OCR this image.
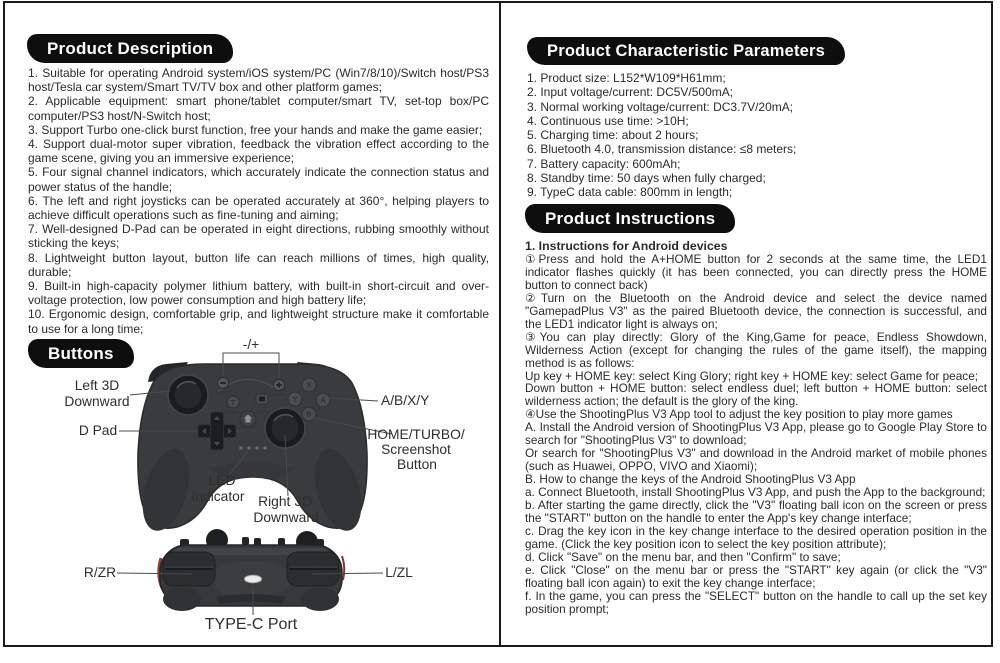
Product Description
1. Suitable for operating Android system/iOS system/PC (Win7/8/10)/Switch host/PS3 host/Tesla car system/Smart TV/TV box and other platform games;
2. Applicable equipment: smart phone/tablet computer/smart TV, set-top box/PC computer/PS3 host/N-Switch host;
3. Support Turbo one-click burst function, free your hands and make the game easier;
4. Support dual-motor super vibration, feedback the vibration effect according to the game scene, giving you an immersive experience;
5. Four signal channel indicators, which accurately indicate the connection status and power status of the handle;
6. The left and right joysticks can be operated accurately at 360°, helping players to achieve difficult operations such as fine-tuning and aiming;
7. Well-designed D-Pad can be operated in eight directions, rubbing smoothly without sticking the keys;
8. Lightweight button layout, button life can reach millions of times, high quality, durable;
9. Built-in high-capacity polymer lithium battery, with built-in short-circuit and over-voltage protection, low power consumption and high battery life;
10. Ergonomic design, comfortable grip, and lightweight structure make it comfortable to use for a long time;
Buttons
X
Y	A
B
SELECT	START
T
TURBO	CLEAR
R
ZR
L
ZL
-/+
Left 3D
Downward
D Pad
A/B/X/Y
HOME/TURBO/
Screenshot
Button
LED
Indicator Right 3D
Downward
R/ZR	L/ZL
TYPE-C Port
Product Characteristic Parameters
1. Product size: L152*W109*H61mm;
2. Input voltage/current: DC5V/500mA;
3. Normal working voltage/current: DC3.7V/20mA;
4. Continuous use time: >10H;
5. Charging time: about 2 hours;
6. Bluetooth 4.0, transmission distance: ≤8 meters;
7. Battery capacity: 600mAh;
8. Standby time: 50 days when fully charged;
9. TypeC data cable: 800mm in length;
Product Instructions
1. Instructions for Android devices

①Press and hold the A+HOME button for 2 seconds at the same time, the LED1 indicator flashes quickly (it has been connected, you can directly press the HOME button to connect back)

②Turn on the Bluetooth on the Android device and select the device named "GamepadPlus V3" as the paired Bluetooth device, the connection is successful, and the LED1 indicator light is always on;

③You can play directly: Glory of the King,Game for peace, Endless Showdown, Wilderness Action (except for changing the rules of the game itself), the mapping method is as follows:

Up key + HOME key: select King Glory; right key + HOME key: select Game for peace;

Down button + HOME button: select endless duel; left button + HOME button: select wilderness action; the default is the glory of the king.

④Use the ShootingPlus V3 App tool to adjust the key position to play more games

A. Install the Android version of ShootingPlus V3 App, please go to Google Play Store to search for "ShootingPlus V3" to download;

Or search for "ShootingPlus V3" and download in the Android market of mobile phones (such as Huawei, OPPO, VIVO and Xiaomi);

B. How to change the keys of the Android ShootingPlus V3 App

a. Connect Bluetooth, install ShootingPlus V3 App, and push the App to the background;

b. After starting the game directly, click the "V3" floating ball icon on the screen or press the "START" button on the handle to enter the App's key change interface;

c. Drag the key icon in the key change interface to the desired operation position in the game. (Click the key position icon to select the key position attribute);

d. Click "Save" on the menu bar, and then "Confirm" to save;

e. Click "Close" on the menu bar or press the "START" key again (or click the "V3" floating ball icon again) to exit the key change interface;

f. In the game, you can press the "SELECT" button on the handle to call up the set key position prompt;
